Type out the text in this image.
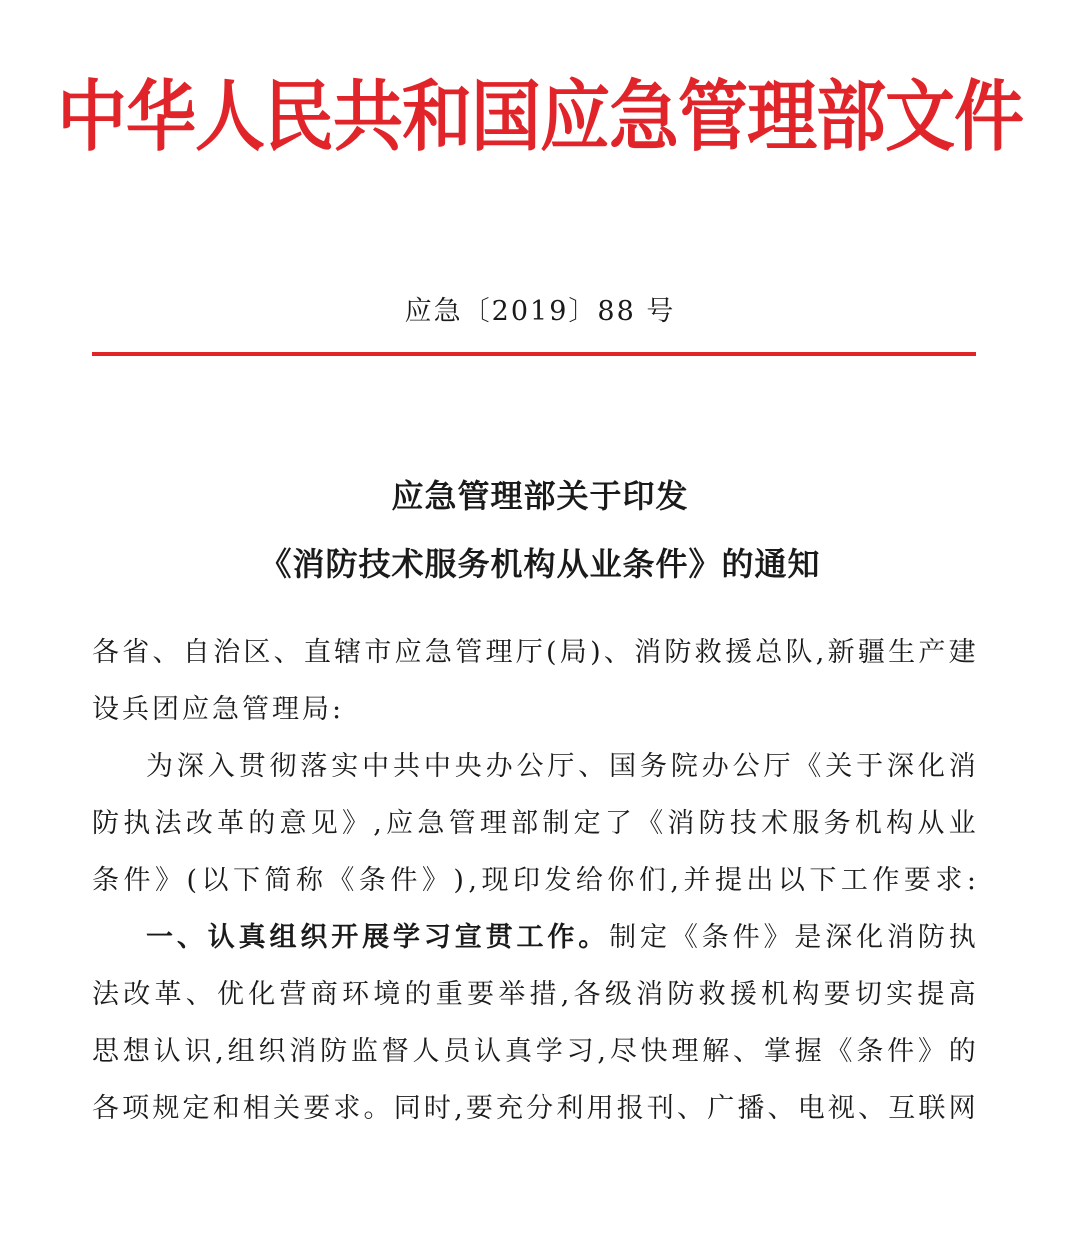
中华人民共和国应急管理部文件
应急〔2019〕88 号
应急管理部关于印发
《消防技术服务机构从业条件》的通知
各 省 、 自 治 区 、 直 辖 市 应 急 管 理 厅 ( 局 ) 、 消 防 救 援 总 队 , 新 疆 生 产 建
设兵团应急管理局:
为 深 入 贯 彻 落 实 中 共 中 央 办 公 厅 、 国 务 院 办 公 厅 《 关 于 深 化 消
防 执 法 改 革 的 意 见 》 , 应 急 管 理 部 制 定 了 《 消 防 技 术 服 务 机 构 从 业
条 件 》 ( 以 下 简 称 《 条 件 》 ) , 现 印 发 给 你 们 , 并 提 出 以 下 工 作 要 求 :
一 、 认 真 组 织 开 展 学 习 宣 贯 工 作 。 制 定 《 条 件 》 是 深 化 消 防 执
法 改 革 、 优 化 营 商 环 境 的 重 要 举 措 , 各 级 消 防 救 援 机 构 要 切 实 提 高
思 想 认 识 , 组 织 消 防 监 督 人 员 认 真 学 习 , 尽 快 理 解 、 掌 握 《 条 件 》 的
各 项 规 定 和 相 关 要 求 。 同 时 , 要 充 分 利 用 报 刊 、 广 播 、 电 视 、 互 联 网
